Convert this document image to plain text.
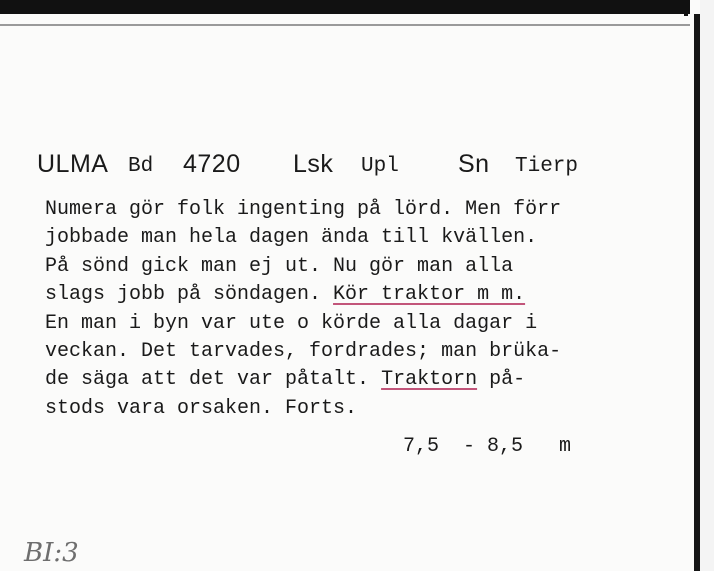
ULMA Bd 4720 Lsk Upl Sn Tierp
Numera gör folk ingenting på lörd. Men förr
jobbade man hela dagen ända till kvällen.
På sönd gick man ej ut. Nu gör man alla
slags jobb på söndagen. Kör traktor m m.
En man i byn var ute o körde alla dagar i
veckan. Det tarvades, fordrades; man brüka-
de säga att det var påtalt. Traktorn på-
stods vara orsaken. Forts.
7,5  - 8,5   m
BI:3
